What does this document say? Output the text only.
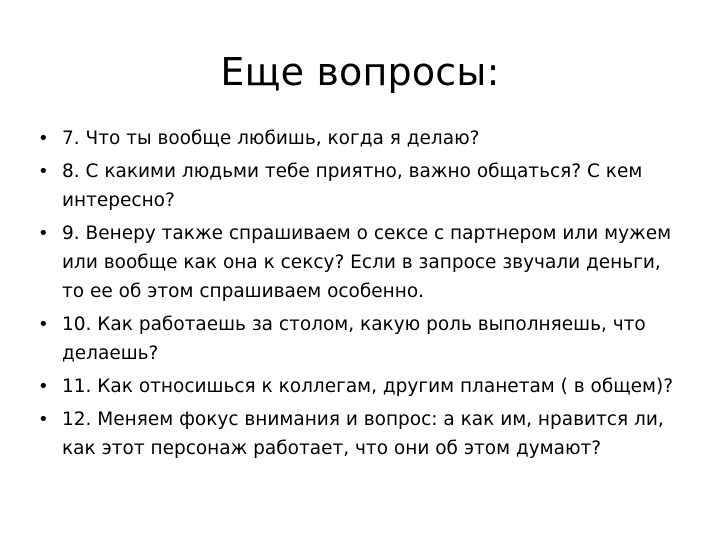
Еще вопросы:
• 7. Что ты вообще любишь, когда я делаю?
• 8. С какими людьми тебе приятно, важно общаться? С кем интересно?
• 9. Венеру также спрашиваем о сексе с партнером или мужем или вообще как она к сексу? Если в запросе звучали деньги, то ее об этом спрашиваем особенно.
• 10. Как работаешь за столом, какую роль выполняешь, что делаешь?
• 11. Как относишься к коллегам, другим планетам ( в общем)?
• 12. Меняем фокус внимания и вопрос: а как им, нравится ли, как этот персонаж работает, что они об этом думают?
